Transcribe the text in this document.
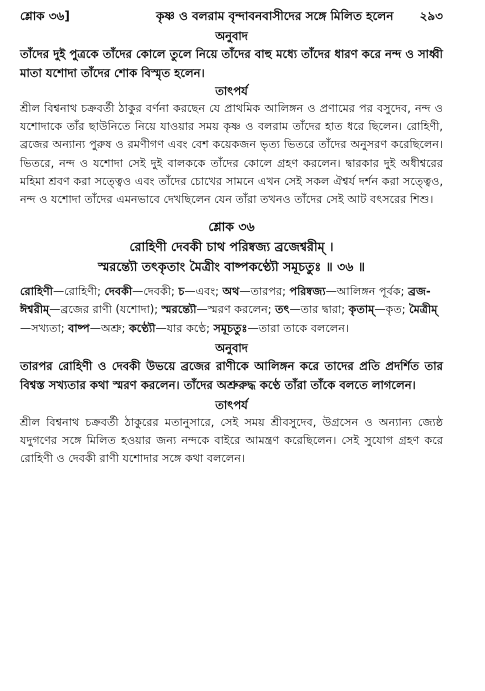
শ্লোক ৩৬]	কৃষ্ণ ও বলরাম বৃন্দাবনবাসীদের সঙ্গে মিলিত হলেন ২৯৩
অনুবাদ

তাঁদের দুই পুত্রকে তাঁদের কোলে তুলে নিয়ে তাঁদের বাহু মধ্যে তাঁদের ধারণ করে নন্দ ও সাধ্বী মাতা যশোদা তাঁদের শোক বিস্মৃত হলেন।

তাৎপর্য

শ্রীল বিশ্বনাথ চক্রবর্তী ঠাকুর বর্ণনা করছেন যে প্রাথমিক আলিঙ্গন ও প্রণামের পর বসুদেব, নন্দ ও যশোদাকে তাঁর ছাউনিতে নিয়ে যাওয়ার সময় কৃষ্ণ ও বলরাম তাঁদের হাত ধরে ছিলেন। রোহিণী, ব্রজের অন্যান্য পুরুষ ও রমণীগণ এবং বেশ কয়েকজন ভৃত্য ভিতরে তাঁদের অনুসরণ করেছিলেন। ভিতরে, নন্দ ও যশোদা সেই দুই বালককে তাঁদের কোলে গ্রহণ করলেন। দ্বারকার দুই অধীশ্বরের মহিমা শ্রবণ করা সত্ত্বেও এবং তাঁদের চোখের সামনে এখন সেই সকল ঐশ্বর্য দর্শন করা সত্ত্বেও, নন্দ ও যশোদা তাঁদের এমনভাবে দেখছিলেন যেন তাঁরা তখনও তাঁদের সেই আট বৎসরের শিশু।

শ্লোক ৩৬

রোহিণী দেবকী চাথ পরিষ্বজ্য ব্রজেশ্বরীম্ ।

স্মরন্ত্যৌ তৎকৃতাং মৈত্রীং বাষ্পকণ্ঠ্যৌ সমূচতুঃ ॥ ৩৬ ॥

রোহিণী—রোহিণী; দেবকী—দেবকী; চ—এবং; অথ—তারপর; পরিষ্বজ্য—আলিঙ্গন পূর্বক; ব্রজ-ঈশ্বরীম্—ব্রজের রাণী (যশোদা); স্মরন্ত্যৌ—স্মরণ করলেন; তৎ—তার দ্বারা; কৃতাম্—কৃত; মৈত্রীম্—সখ্যতা; বাষ্প—অশ্রু; কণ্ঠ্যৌ—যার কণ্ঠে; সমূচতুঃ—তারা তাকে বললেন।

অনুবাদ

তারপর রোহিণী ও দেবকী উভয়ে ব্রজের রাণীকে আলিঙ্গন করে তাদের প্রতি প্রদর্শিত তার বিশ্বস্ত সখ্যতার কথা স্মরণ করলেন। তাঁদের অশ্রুরুদ্ধ কণ্ঠে তাঁরা তাঁকে বলতে লাগলেন।

তাৎপর্য

শ্রীল বিশ্বনাথ চক্রবর্তী ঠাকুরের মতানুসারে, সেই সময় শ্রীবসুদেব, উগ্রসেন ও অন্যান্য জ্যেষ্ঠ যদুগণের সঙ্গে মিলিত হওয়ার জন্য নন্দকে বাইরে আমন্ত্রণ করেছিলেন। সেই সুযোগ গ্রহণ করে রোহিণী ও দেবকী রাণী যশোদার সঙ্গে কথা বললেন।
